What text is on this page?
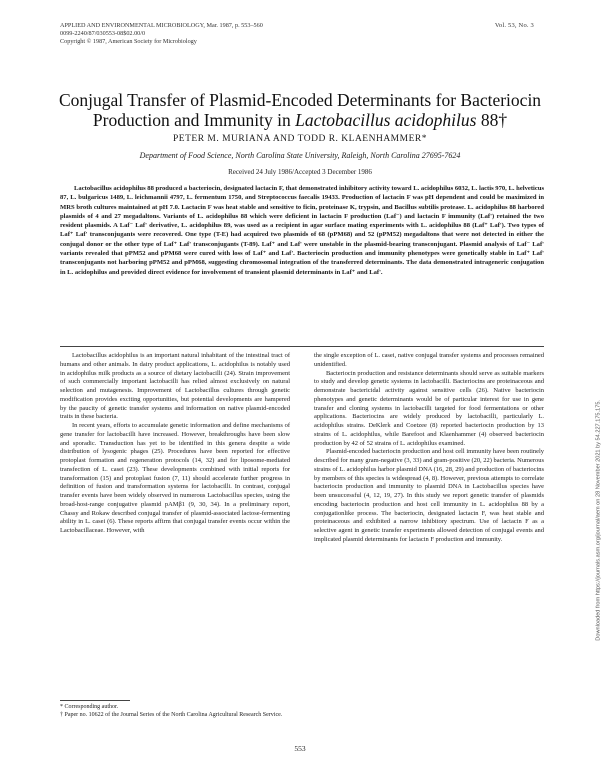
APPLIED AND ENVIRONMENTAL MICROBIOLOGY, Mar. 1987, p. 553–560
0099-2240/87/030553-08$02.00/0
Copyright © 1987, American Society for Microbiology
Vol. 53, No. 3
Conjugal Transfer of Plasmid-Encoded Determinants for Bacteriocin
Production and Immunity in Lactobacillus acidophilus 88†
PETER M. MURIANA AND TODD R. KLAENHAMMER*
Department of Food Science, North Carolina State University, Raleigh, North Carolina 27695-7624
Received 24 July 1986/Accepted 3 December 1986

Lactobacillus acidophilus 88 produced a bacteriocin, designated lactacin F, that demonstrated inhibitory activity toward L. acidophilus 6032, L. lactis 970, L. helveticus 87, L. bulgaricus 1489, L. leichmannii 4797, L. fermentum 1750, and Streptococcus faecalis 19433. Production of lactacin F was pH dependent and could be maximized in MRS broth cultures maintained at pH 7.0. Lactacin F was heat stable and sensitive to ficin, proteinase K, trypsin, and Bacillus subtilis protease. L. acidophilus 88 harbored plasmids of 4 and 27 megadaltons. Variants of L. acidophilus 88 which were deficient in lactacin F production (Laf⁻) and lactacin F immunity (Laf') retained the two resident plasmids. A Laf⁻ Laf' derivative, L. acidophilus 89, was used as a recipient in agar surface mating experiments with L. acidophilus 88 (Laf⁺ Laf'). Two types of Laf⁺ Laf' transconjugants were recovered. One type (T-E) had acquired two plasmids of 68 (pPM68) and 52 (pPM52) megadaltons that were not detected in either the conjugal donor or the other type of Laf⁺ Laf' transconjugants (T-89). Laf⁺ and Laf' were unstable in the plasmid-bearing transconjugant. Plasmid analysis of Laf⁻ Laf' variants revealed that pPM52 and pPM68 were cured with loss of Laf⁺ and Laf'. Bacteriocin production and immunity phenotypes were genetically stable in Laf⁺ Laf' transconjugants not harboring pPM52 and pPM68, suggesting chromosomal integration of the transferred determinants. The data demonstrated intrageneric conjugation in L. acidophilus and provided direct evidence for involvement of transient plasmid determinants in Laf⁺ and Laf'.

Lactobacillus acidophilus is an important natural inhabitant of the intestinal tract of humans and other animals. In dairy product applications, L. acidophilus is notably used in acidophilus milk products as a source of dietary lactobacilli (24). Strain improvement of such commercially important lactobacilli has relied almost exclusively on natural selection and mutagenesis. Improvement of Lactobacillus cultures through genetic modification provides exciting opportunities, but potential developments are hampered by the paucity of genetic transfer systems and information on native plasmid-encoded traits in these bacteria.

In recent years, efforts to accumulate genetic information and define mechanisms of gene transfer for lactobacilli have increased. However, breakthroughs have been slow and sporadic. Transduction has yet to be identified in this genera despite a wide distribution of lysogenic phages (25). Procedures have been reported for effective protoplast formation and regeneration protocols (14, 32) and for liposome-mediated transfection of L. casei (23). These developments combined with initial reports for transformation (15) and protoplast fusion (7, 11) should accelerate further progress in definition of fusion and transformation systems for lactobacilli. In contrast, conjugal transfer events have been widely observed in numerous Lactobacillus species, using the broad-host-range conjugative plasmid pAMβ1 (9, 30, 34). In a preliminary report, Chassy and Rokaw described conjugal transfer of plasmid-associated lactose-fermenting ability in L. casei (6). These reports affirm that conjugal transfer events occur within the Lactobacillaceae. However, with

the single exception of L. casei, native conjugal transfer systems and processes remained unidentified.

Bacteriocin production and resistance determinants should serve as suitable markers to study and develop genetic systems in lactobacilli. Bacteriocins are proteinaceous and demonstrate bactericidal activity against sensitive cells (26). Native bacteriocin phenotypes and genetic determinants would be of particular interest for use in gene transfer and cloning systems in lactobacilli targeted for food fermentations or other applications. Bacteriocins are widely produced by lactobacilli, particularly L. acidophilus strains. DeKlerk and Coetzee (8) reported bacteriocin production by 13 strains of L. acidophilus, while Barefoot and Klaenhammer (4) observed bacteriocin production by 42 of 52 strains of L. acidophilus examined.

Plasmid-encoded bacteriocin production and host cell immunity have been routinely described for many gram-negative (3, 33) and gram-positive (20, 22) bacteria. Numerous strains of L. acidophilus harbor plasmid DNA (16, 28, 29) and production of bacteriocins by members of this species is widespread (4, 8). However, previous attempts to correlate bacteriocin production and immunity to plasmid DNA in Lactobacillus species have been unsuccessful (4, 12, 19, 27). In this study we report genetic transfer of plasmids encoding bacteriocin production and host cell immunity in L. acidophilus 88 by a conjugationlike process. The bacteriocin, designated lactacin F, was heat stable and proteinaceous and exhibited a narrow inhibitory spectrum. Use of lactacin F as a selective agent in genetic transfer experiments allowed detection of conjugal events and implicated plasmid determinants for lactacin F production and immunity.

* Corresponding author.
† Paper no. 10622 of the Journal Series of the North Carolina Agricultural Research Service.
553
Downloaded from https://journals.asm.org/journal/aem on 28 November 2021 by 54.227.175.175.
